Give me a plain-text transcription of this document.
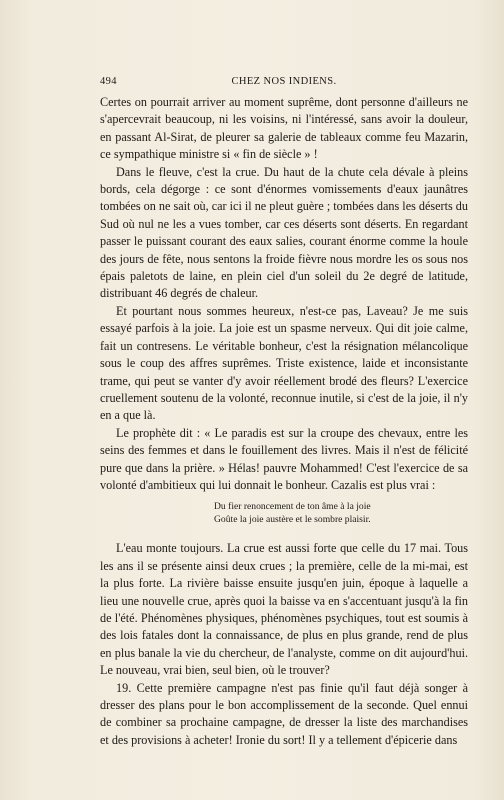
494	CHEZ NOS INDIENS.

Certes on pourrait arriver au moment suprême, dont personne d'ailleurs ne s'apercevrait beaucoup, ni les voisins, ni l'intéressé, sans avoir la douleur, en passant Al-Sirat, de pleurer sa galerie de tableaux comme feu Mazarin, ce sympathique ministre si « fin de siècle » !

Dans le fleuve, c'est la crue. Du haut de la chute cela dévale à pleins bords, cela dégorge : ce sont d'énormes vomissements d'eaux jaunâtres tombées on ne sait où, car ici il ne pleut guère ; tombées dans les déserts du Sud où nul ne les a vues tomber, car ces déserts sont déserts. En regardant passer le puissant courant des eaux salies, courant énorme comme la houle des jours de fête, nous sentons la froide fièvre nous mordre les os sous nos épais paletots de laine, en plein ciel d'un soleil du 2e degré de latitude, distribuant 46 degrés de chaleur.

Et pourtant nous sommes heureux, n'est-ce pas, Laveau? Je me suis essayé parfois à la joie. La joie est un spasme nerveux. Qui dit joie calme, fait un contresens. Le véritable bonheur, c'est la résignation mélancolique sous le coup des affres suprêmes. Triste existence, laide et inconsistante trame, qui peut se vanter d'y avoir réellement brodé des fleurs? L'exercice cruellement soutenu de la volonté, reconnue inutile, si c'est de la joie, il n'y en a que là.

Le prophète dit : « Le paradis est sur la croupe des chevaux, entre les seins des femmes et dans le fouillement des livres. Mais il n'est de félicité pure que dans la prière. » Hélas! pauvre Mohammed! C'est l'exercice de sa volonté d'ambitieux qui lui donnait le bonheur. Cazalis est plus vrai :

Du fier renoncement de ton âme à la joie
Goûte la joie austère et le sombre plaisir.

L'eau monte toujours. La crue est aussi forte que celle du 17 mai. Tous les ans il se présente ainsi deux crues ; la première, celle de la mi-mai, est la plus forte. La rivière baisse ensuite jusqu'en juin, époque à laquelle a lieu une nouvelle crue, après quoi la baisse va en s'accentuant jusqu'à la fin de l'été. Phénomènes physiques, phénomènes psychiques, tout est soumis à des lois fatales dont la connaissance, de plus en plus grande, rend de plus en plus banale la vie du chercheur, de l'analyste, comme on dit aujourd'hui. Le nouveau, vrai bien, seul bien, où le trouver?

19. Cette première campagne n'est pas finie qu'il faut déjà songer à dresser des plans pour le bon accomplissement de la seconde. Quel ennui de combiner sa prochaine campagne, de dresser la liste des marchandises et des provisions à acheter! Ironie du sort! Il y a tellement d'épicerie dans
